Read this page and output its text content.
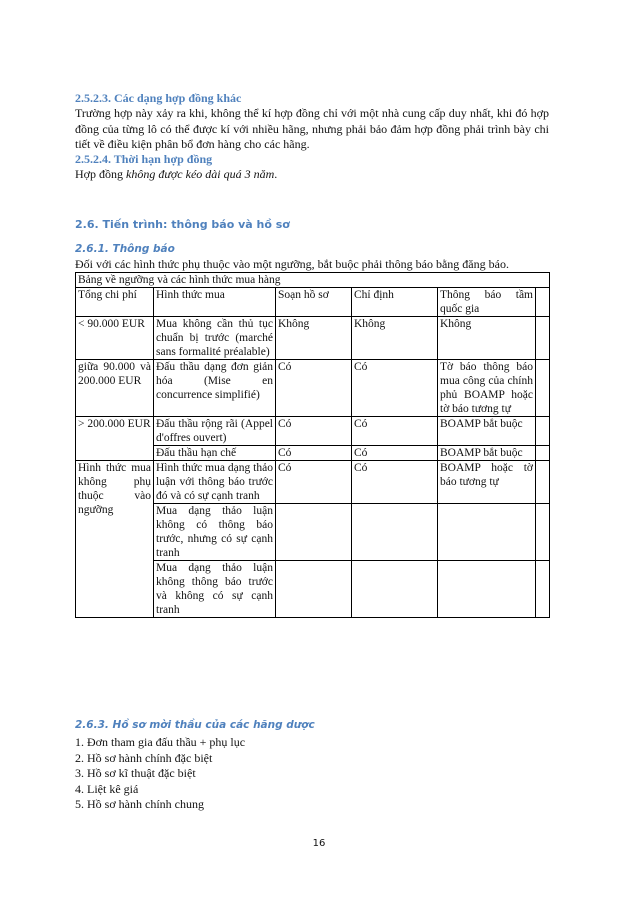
2.5.2.3. Các dạng hợp đồng khác
Trường hợp này xảy ra khi, không thể kí hợp đồng chỉ với một nhà cung cấp duy nhất, khi đó hợp đồng của từng lô có thể được kí với nhiều hãng, nhưng phải bảo đảm hợp đồng phải trình bày chi tiết về điều kiện phân bổ đơn hàng cho các hãng.
2.5.2.4. Thời hạn hợp đồng
Hợp đồng không được kéo dài quá 3 năm.
2.6. Tiến trình: thông báo và hồ sơ
2.6.1. Thông báo
Đối với các hình thức phụ thuộc vào một ngưỡng, bắt buộc phải thông báo bằng đăng báo.
Bảng về ngưỡng và các hình thức mua hàng					
Tổng chi phí	Hình thức mua	Soạn hồ sơ	Chỉ định	Thông báo tầm quốc gia	
< 90.000 EUR	Mua không cần thủ tục chuẩn bị trước (marché sans formalité préalable)	Không	Không	Không	
giữa 90.000 và 200.000 EUR	Đấu thầu dạng đơn giản hóa (Mise en concurrence simplifié)	Có	Có	Tờ báo thông báo mua công của chính phủ BOAMP hoặc tờ báo tương tự	
> 200.000 EUR	Đấu thầu rộng rãi (Appel d'offres ouvert)	Có	Có	BOAMP bắt buộc	
	Đấu thầu hạn chế	Có	Có	BOAMP bắt buộc	
Hình thức mua không phụ thuộc vào ngưỡng	Hình thức mua dạng thảo luận với thông báo trước đó và có sự cạnh tranh	Có	Có	BOAMP hoặc tờ báo tương tự	
	Mua dạng thảo luận không có thông báo trước, nhưng có sự cạnh tranh				
	Mua dạng thảo luận không thông báo trước và không có sự cạnh tranh				
2.6.3. Hồ sơ mời thầu của các hãng dược
1. Đơn tham gia đấu thầu + phụ lục
2. Hồ sơ hành chính đặc biệt
3. Hồ sơ kĩ thuật đặc biệt
4. Liệt kê giá
5. Hồ sơ hành chính chung
16
